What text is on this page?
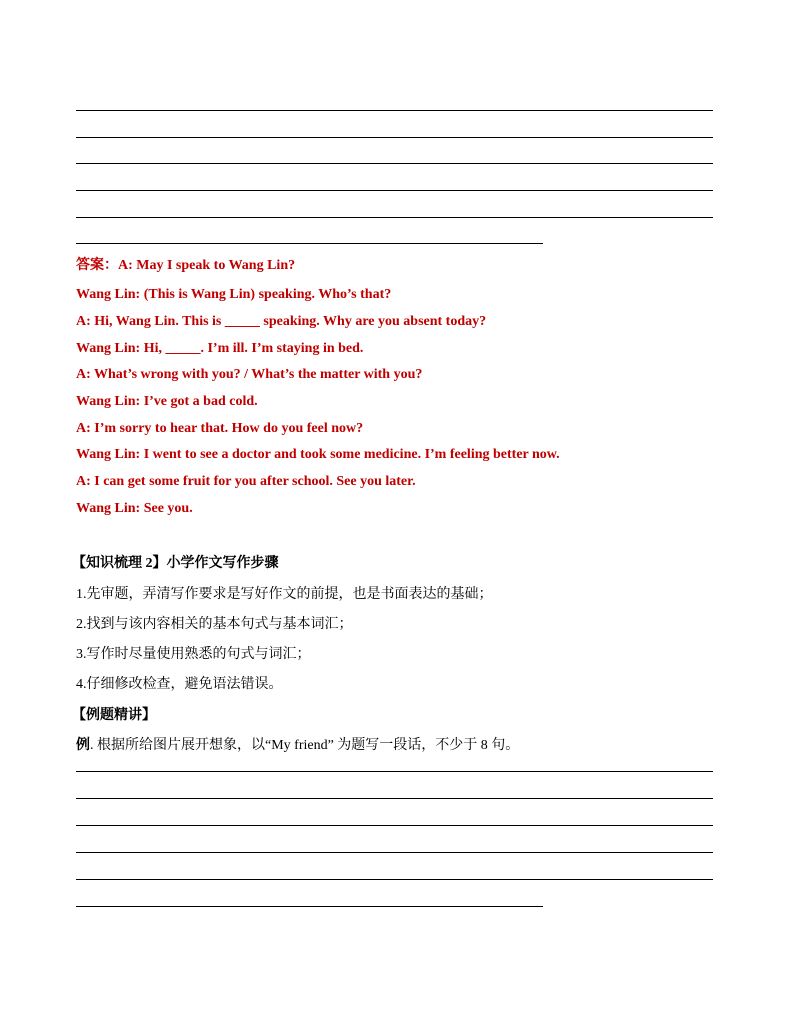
答案：A: May I speak to Wang Lin?
Wang Lin: (This is Wang Lin) speaking. Who’s that?
A: Hi, Wang Lin. This is _____ speaking. Why are you absent today?
Wang Lin: Hi, _____. I’m ill. I’m staying in bed.
A: What’s wrong with you? / What’s the matter with you?
Wang Lin: I’ve got a bad cold.
A: I’m sorry to hear that. How do you feel now?
Wang Lin: I went to see a doctor and took some medicine. I’m feeling better now.
A: I can get some fruit for you after school. See you later.
Wang Lin: See you.
【知识梳理 2】小学作文写作步骤
1.先审题，弄清写作要求是写好作文的前提，也是书面表达的基础；
2.找到与该内容相关的基本句式与基本词汇；
3.写作时尽量使用熟悉的句式与词汇；
4.仔细修改检查，避免语法错误。
【例题精讲】
例. 根据所给图片展开想象，以“My friend” 为题写一段话，不少于 8 句。
